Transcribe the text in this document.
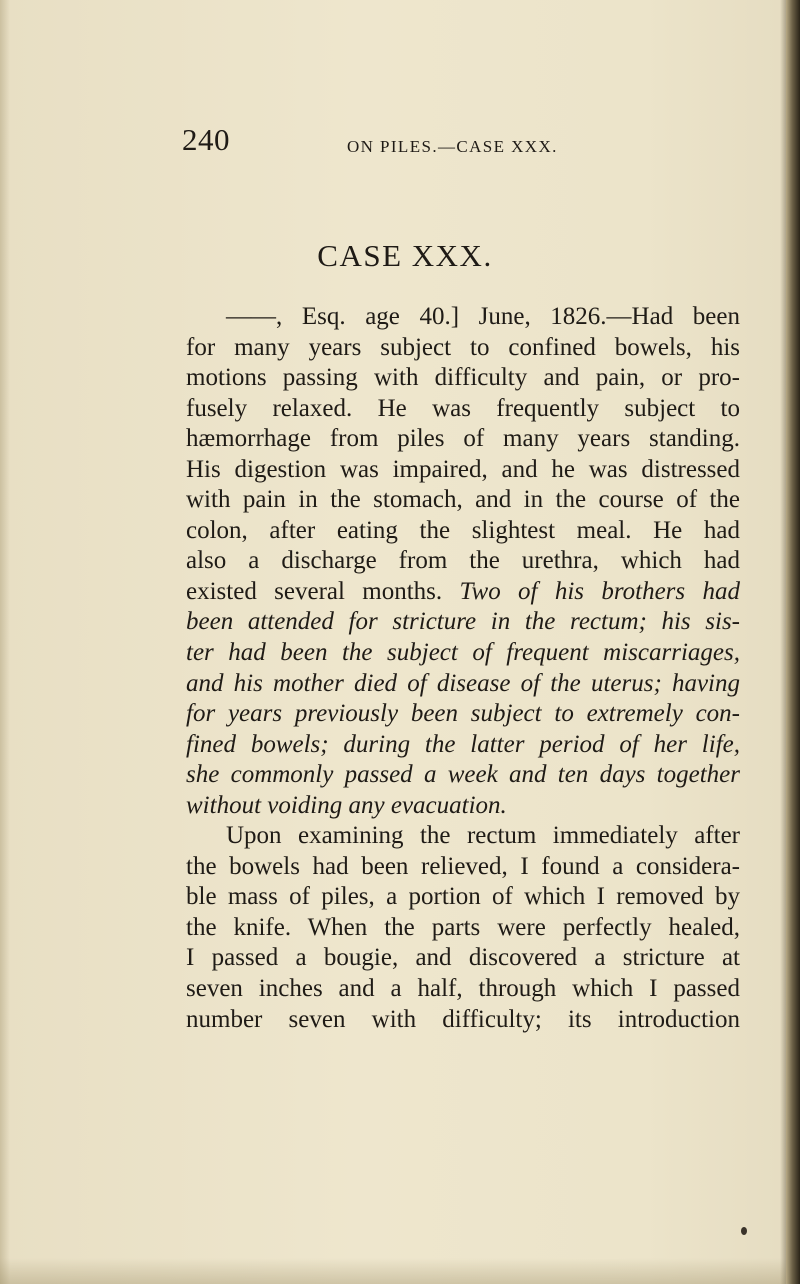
240	ON PILES.—CASE XXX.
CASE XXX.
——, Esq. age 40.] June, 1826.—Had been
for many years subject to confined bowels, his
motions passing with difficulty and pain, or pro-
fusely relaxed. He was frequently subject to
hæmorrhage from piles of many years standing.
His digestion was impaired, and he was distressed
with pain in the stomach, and in the course of the
colon, after eating the slightest meal. He had
also a discharge from the urethra, which had
existed several months. Two of his brothers had
been attended for stricture in the rectum; his sis-
ter had been the subject of frequent miscarriages,
and his mother died of disease of the uterus; having
for years previously been subject to extremely con-
fined bowels; during the latter period of her life,
she commonly passed a week and ten days together
without voiding any evacuation.
Upon examining the rectum immediately after
the bowels had been relieved, I found a considera-
ble mass of piles, a portion of which I removed by
the knife. When the parts were perfectly healed,
I passed a bougie, and discovered a stricture at
seven inches and a half, through which I passed
number seven with difficulty; its introduction
